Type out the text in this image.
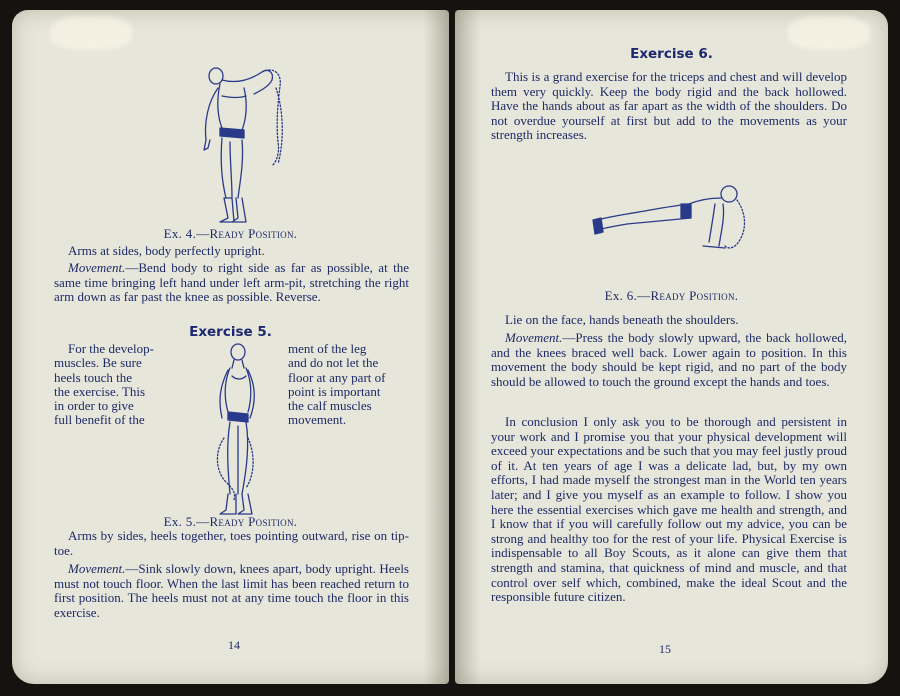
Ex. 4.—Ready Position.
Arms at sides, body perfectly upright.
Movement.—Bend body to right side as far as possible, at the same time bringing left hand under left arm-pit, stretching the right arm down as far past the knee as possible. Reverse.
Exercise 5.
For the develop-
muscles. Be sure
heels touch the
the exercise. This
in order to give
full benefit of the
ment of the leg
and do not let the
floor at any part of
point is important
the calf muscles
movement.
Ex. 5.—Ready Position.
Arms by sides, heels together, toes pointing outward, rise on tip-toe.
Movement.—Sink slowly down, knees apart, body upright. Heels must not touch floor. When the last limit has been reached return to first position. The heels must not at any time touch the floor in this exercise.
14
Exercise 6.
This is a grand exercise for the triceps and chest and will develop them very quickly. Keep the body rigid and the back hollowed. Have the hands about as far apart as the width of the shoulders. Do not overdue yourself at first but add to the movements as your strength increases.
Ex. 6.—Ready Position.
Lie on the face, hands beneath the shoulders.
Movement.—Press the body slowly upward, the back hollowed, and the knees braced well back. Lower again to position. In this movement the body should be kept rigid, and no part of the body should be allowed to touch the ground except the hands and toes.
In conclusion I only ask you to be thorough and persistent in your work and I promise you that your physical development will exceed your expectations and be such that you may feel justly proud of it. At ten years of age I was a delicate lad, but, by my own efforts, I had made myself the strongest man in the World ten years later; and I give you myself as an example to follow. I show you here the essential exercises which gave me health and strength, and I know that if you will carefully follow out my advice, you can be strong and healthy too for the rest of your life. Physical Exercise is indispensable to all Boy Scouts, as it alone can give them that strength and stamina, that quickness of mind and muscle, and that control over self which, combined, make the ideal Scout and the responsible future citizen.
15
